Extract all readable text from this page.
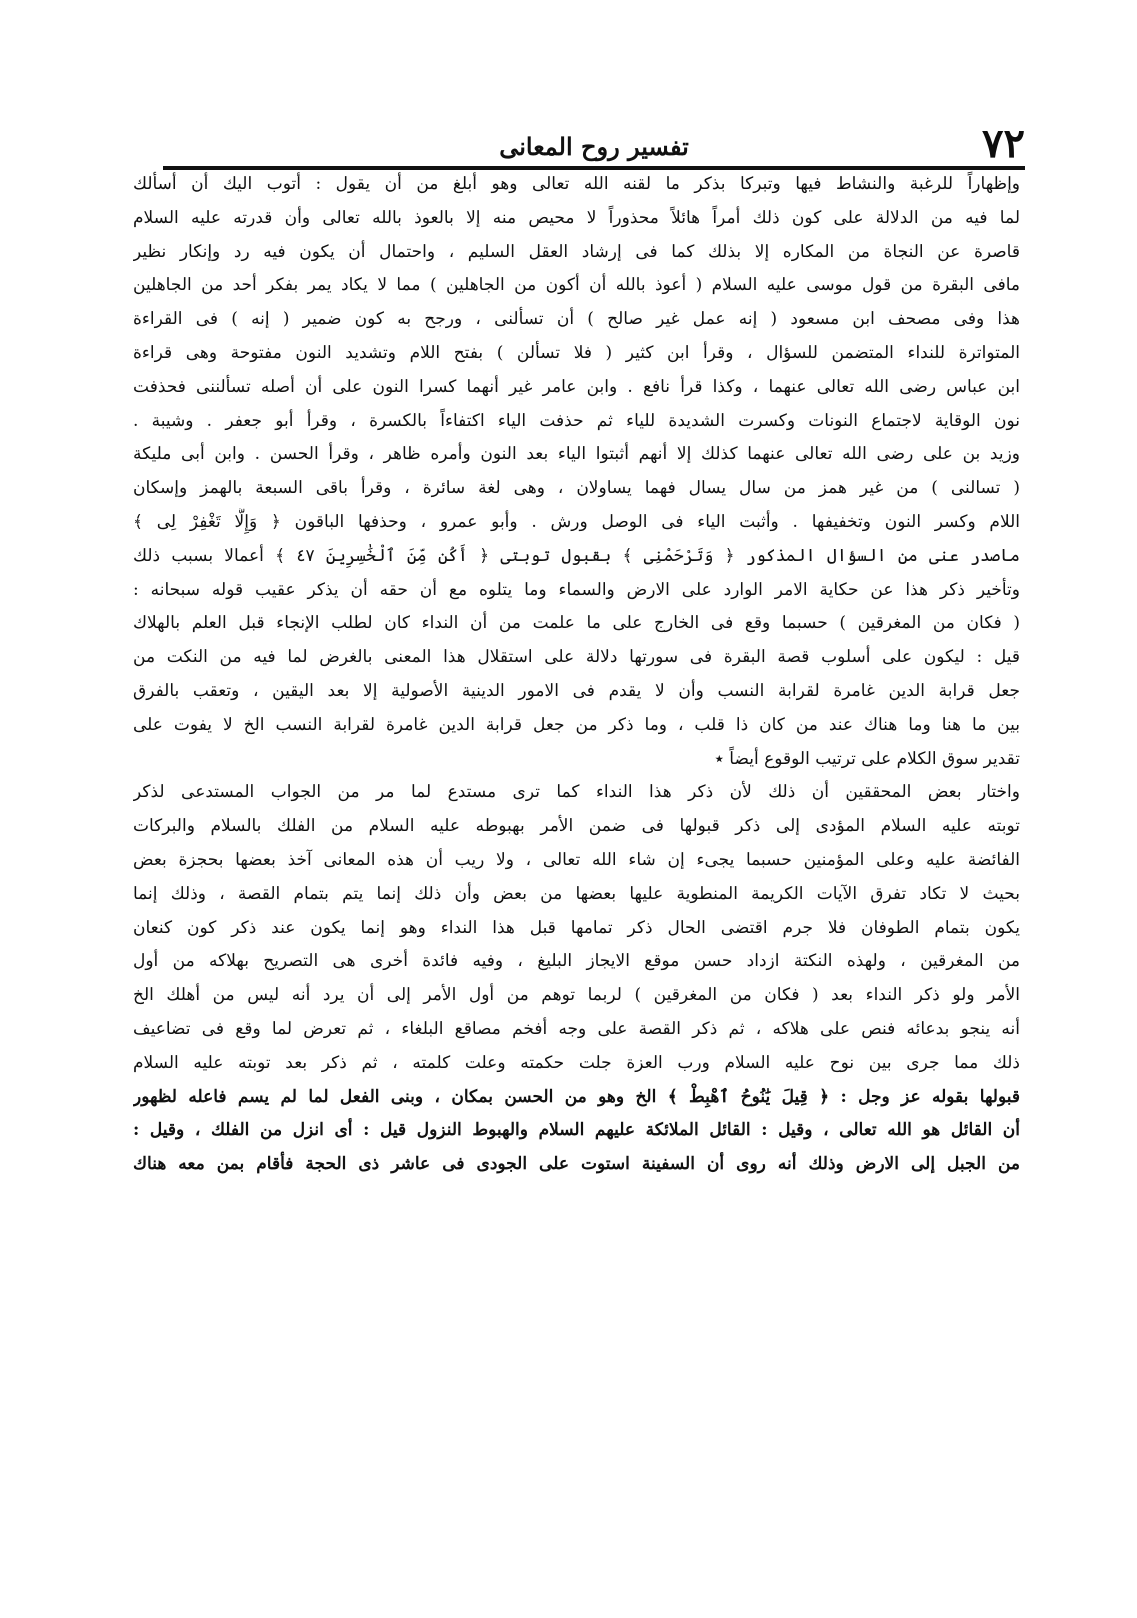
٧٢
تفسير روح المعانى
وإظهاراً للرغبة والنشاط فيها وتبركا بذكر ما لقنه الله تعالى وهو أبلغ من أن يقول : أتوب اليك أن أسألك
لما فيه من الدلالة على كون ذلك أمراً هائلاً محذوراً لا محيص منه إلا بالعوذ بالله تعالى وأن قدرته عليه السلام
قاصرة عن النجاة من المكاره إلا بذلك كما فى إرشاد العقل السليم ، واحتمال أن يكون فيه رد وإنكار نظير
مافى البقرة من قول موسى عليه السلام ( أعوذ بالله أن أكون من الجاهلين ) مما لا يكاد يمر بفكر أحد من الجاهلين
هذا وفى مصحف ابن مسعود ( إنه عمل غير صالح ) أن تسألنى ، ورجح به كون ضمير ( إنه ) فى القراءة
المتواترة للنداء المتضمن للسؤال ، وقرأ ابن كثير ( فلا تسألن ) بفتح اللام وتشديد النون مفتوحة وهى قراءة
ابن عباس رضى الله تعالى عنهما ، وكذا قرأ نافع . وابن عامر غير أنهما كسرا النون على أن أصله تسألننى فحذفت
نون الوقاية لاجتماع النونات وكسرت الشديدة للياء ثم حذفت الياء اكتفاءاً بالكسرة ، وقرأ أبو جعفر . وشيبة .
وزيد بن على رضى الله تعالى عنهما كذلك إلا أنهم أثبتوا الياء بعد النون وأمره ظاهر ، وقرأ الحسن . وابن أبى مليكة
( تسالنى ) من غير همز من سال يسال فهما يساولان ، وهى لغة سائرة ، وقرأ باقى السبعة بالهمز وإسكان
اللام وكسر النون وتخفيفها . وأثبت الياء فى الوصل ورش . وأبو عمرو ، وحذفها الباقون ﴿ وَإِلَّا تَغْفِرْ لِى ﴾
ماصدر عنى من السؤال المذكور ﴿ وَتَرْحَمْنِى ﴾ بقبول توبتى ﴿ أَكُن مِّنَ ٱلْخَٰسِرِينَ ٤٧ ﴾ أعمالا بسبب ذلك
وتأخير ذكر هذا عن حكاية الامر الوارد على الارض والسماء وما يتلوه مع أن حقه أن يذكر عقيب قوله سبحانه :
( فكان من المغرقين ) حسبما وقع فى الخارج على ما علمت من أن النداء كان لطلب الإنجاء قبل العلم بالهلاك
قيل : ليكون على أسلوب قصة البقرة فى سورتها دلالة على استقلال هذا المعنى بالغرض لما فيه من النكت من
جعل قرابة الدين غامرة لقرابة النسب وأن لا يقدم فى الامور الدينية الأصولية إلا بعد اليقين ، وتعقب بالفرق
بين ما هنا وما هناك عند من كان ذا قلب ، وما ذكر من جعل قرابة الدين غامرة لقرابة النسب الخ لا يفوت على
تقدير سوق الكلام على ترتيب الوقوع أيضاً ٭
واختار بعض المحققين أن ذلك لأن ذكر هذا النداء كما ترى مستدع لما مر من الجواب المستدعى لذكر
توبته عليه السلام المؤدى إلى ذكر قبولها فى ضمن الأمر بهبوطه عليه السلام من الفلك بالسلام والبركات
الفائضة عليه وعلى المؤمنين حسبما يجىء إن شاء الله تعالى ، ولا ريب أن هذه المعانى آخذ بعضها بحجزة بعض
بحيث لا تكاد تفرق الآيات الكريمة المنطوية عليها بعضها من بعض وأن ذلك إنما يتم بتمام القصة ، وذلك إنما
يكون بتمام الطوفان فلا جرم اقتضى الحال ذكر تمامها قبل هذا النداء وهو إنما يكون عند ذكر كون كنعان
من المغرقين ، ولهذه النكتة ازداد حسن موقع الايجاز البليغ ، وفيه فائدة أخرى هى التصريح بهلاكه من أول
الأمر ولو ذكر النداء بعد ( فكان من المغرقين ) لربما توهم من أول الأمر إلى أن يرد أنه ليس من أهلك الخ
أنه ينجو بدعائه فنص على هلاكه ، ثم ذكر القصة على وجه أفخم مصاقع البلغاء ، ثم تعرض لما وقع فى تضاعيف
ذلك مما جرى بين نوح عليه السلام ورب العزة جلت حكمته وعلت كلمته ، ثم ذكر بعد توبته عليه السلام
قبولها بقوله عز وجل : ﴿ قِيلَ يَٰنُوحُ ٱهْبِطْ ﴾ الخ وهو من الحسن بمكان ، وبنى الفعل لما لم يسم فاعله لظهور
أن القائل هو الله تعالى ، وقيل : القائل الملائكة عليهم السلام والهبوط النزول قيل : أى انزل من الفلك ، وقيل :
من الجبل إلى الارض وذلك أنه روى أن السفينة استوت على الجودى فى عاشر ذى الحجة فأقام بمن معه هناك
